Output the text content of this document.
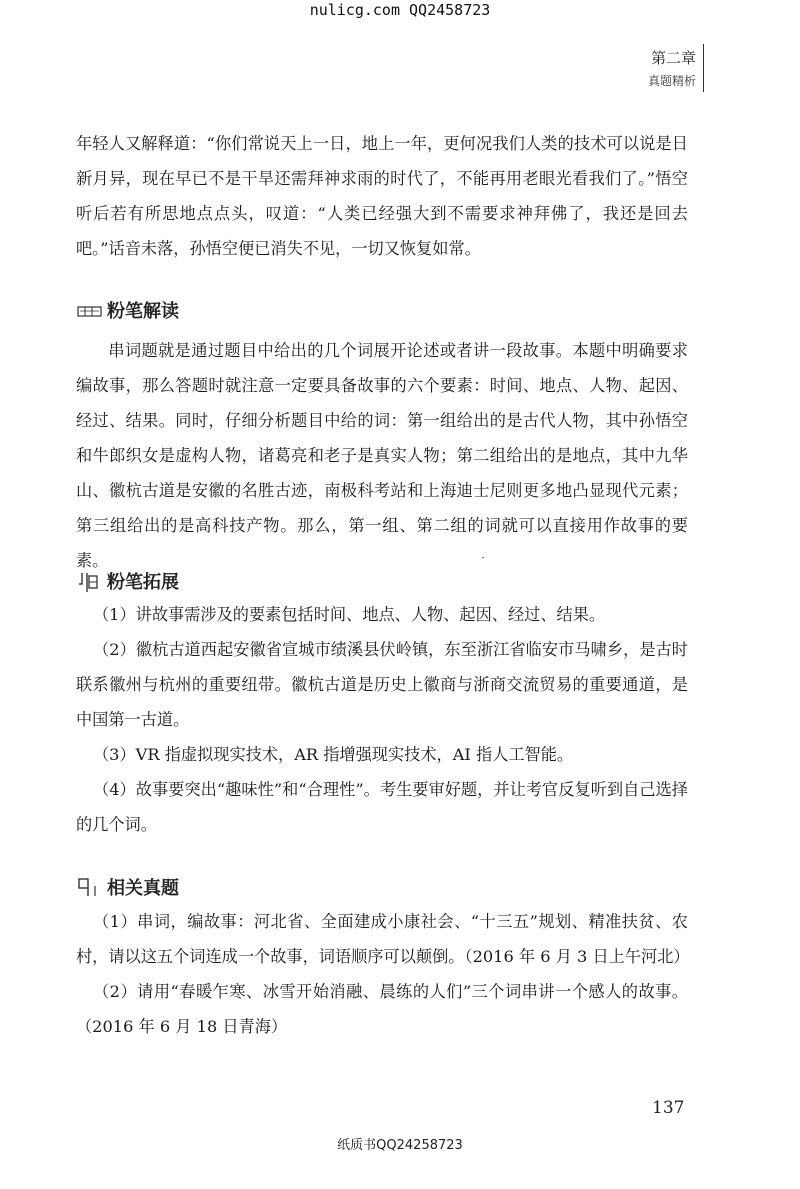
nulicg.com QQ2458723
第二章
真题精析

年轻人又解释道：“你们常说天上一日，地上一年，更何况我们人类的技术可以说是日新月异，现在早已不是干旱还需拜神求雨的时代了，不能再用老眼光看我们了。”悟空听后若有所思地点点头，叹道：“人类已经强大到不需要求神拜佛了，我还是回去吧。”话音未落，孙悟空便已消失不见，一切又恢复如常。

粉笔解读

串词题就是通过题目中给出的几个词展开论述或者讲一段故事。本题中明确要求编故事，那么答题时就注意一定要具备故事的六个要素：时间、地点、人物、起因、经过、结果。同时，仔细分析题目中给的词：第一组给出的是古代人物，其中孙悟空和牛郎织女是虚构人物，诸葛亮和老子是真实人物；第二组给出的是地点，其中九华山、徽杭古道是安徽的名胜古迹，南极科考站和上海迪士尼则更多地凸显现代元素；第三组给出的是高科技产物。那么，第一组、第二组的词就可以直接用作故事的要素。

粉笔拓展

（1）讲故事需涉及的要素包括时间、地点、人物、起因、经过、结果。

（2）徽杭古道西起安徽省宣城市绩溪县伏岭镇，东至浙江省临安市马啸乡，是古时联系徽州与杭州的重要纽带。徽杭古道是历史上徽商与浙商交流贸易的重要通道，是中国第一古道。

（3）VR 指虚拟现实技术，AR 指增强现实技术，AI 指人工智能。

（4）故事要突出“趣味性”和“合理性”。考生要审好题，并让考官反复听到自己选择的几个词。

相关真题

（1）串词，编故事：河北省、全面建成小康社会、“十三五”规划、精准扶贫、农村，请以这五个词连成一个故事，词语顺序可以颠倒。（2016 年 6 月 3 日上午河北）

（2）请用“春暖乍寒、冰雪开始消融、晨练的人们”三个词串讲一个感人的故事。（2016 年 6 月 18 日青海）

137
纸质书QQ24258723
